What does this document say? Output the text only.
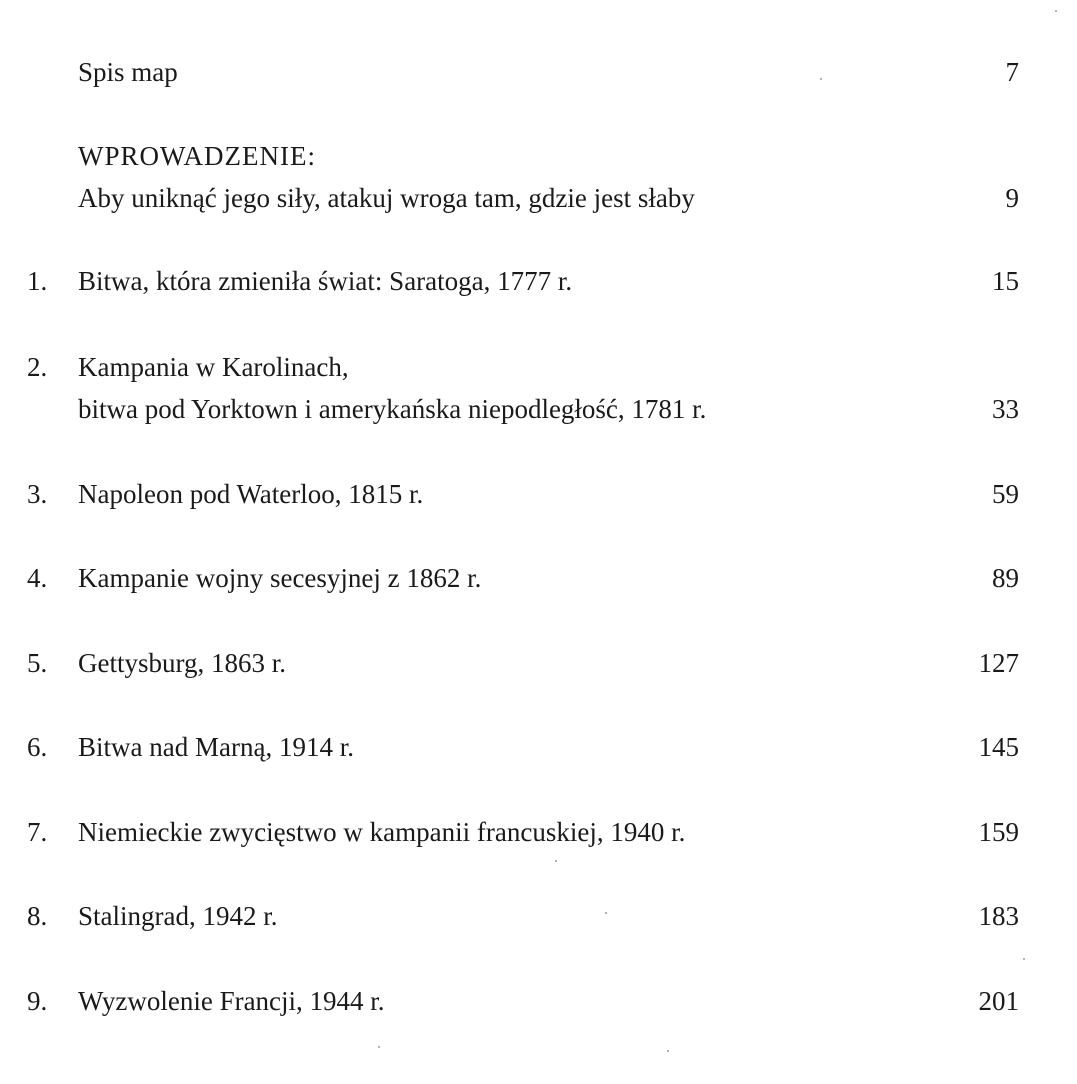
Spis map	7
WPROWADZENIE:
Aby uniknąć jego siły, atakuj wroga tam, gdzie jest słaby	9
1.	Bitwa, która zmieniła świat: Saratoga, 1777 r.	15
2.	Kampania w Karolinach,
bitwa pod Yorktown i amerykańska niepodległość, 1781 r.	33
3.	Napoleon pod Waterloo, 1815 r.	59
4.	Kampanie wojny secesyjnej z 1862 r.	89
5.	Gettysburg, 1863 r.	127
6.	Bitwa nad Marną, 1914 r.	145
7.	Niemieckie zwycięstwo w kampanii francuskiej, 1940 r.	159
8.	Stalingrad, 1942 r.	183
9.	Wyzwolenie Francji, 1944 r.	201
